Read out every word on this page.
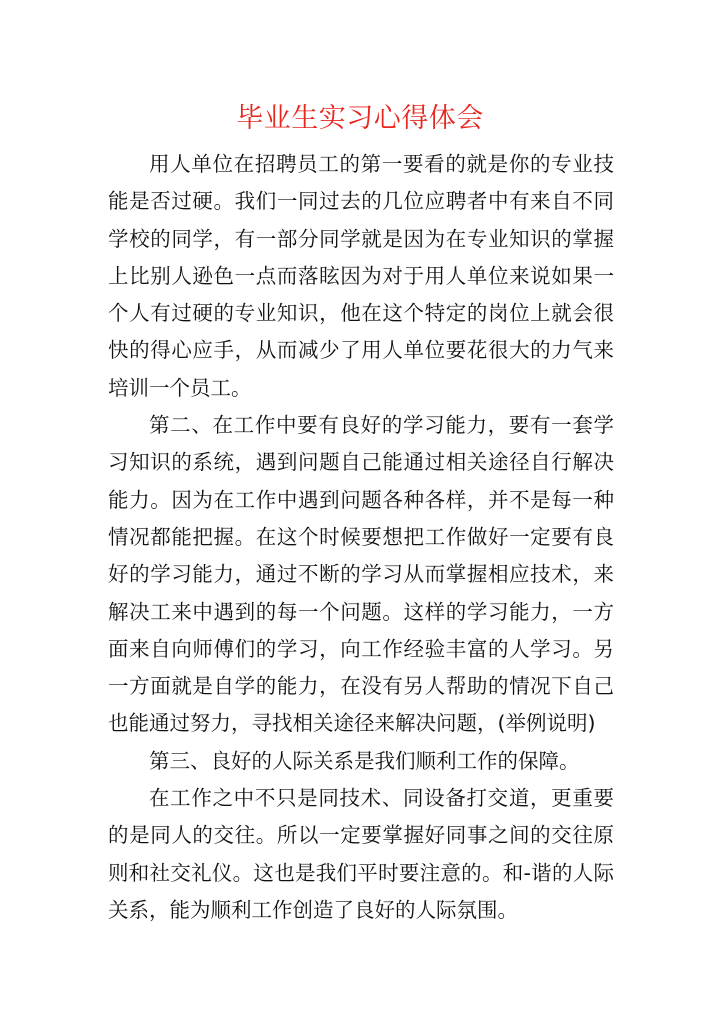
毕业生实习心得体会

用人单位在招聘员工的第一要看的就是你的专业技能是否过硬。我们一同过去的几位应聘者中有来自不同学校的同学，有一部分同学就是因为在专业知识的掌握上比别人逊色一点而落眩因为对于用人单位来说如果一个人有过硬的专业知识，他在这个特定的岗位上就会很快的得心应手，从而减少了用人单位要花很大的力气来培训一个员工。

第二、在工作中要有良好的学习能力，要有一套学习知识的系统，遇到问题自己能通过相关途径自行解决能力。因为在工作中遇到问题各种各样，并不是每一种情况都能把握。在这个时候要想把工作做好一定要有良好的学习能力，通过不断的学习从而掌握相应技术，来解决工来中遇到的每一个问题。这样的学习能力，一方面来自向师傅们的学习，向工作经验丰富的人学习。另一方面就是自学的能力，在没有另人帮助的情况下自己也能通过努力，寻找相关途径来解决问题，(举例说明)

第三、良好的人际关系是我们顺利工作的保障。

在工作之中不只是同技术、同设备打交道，更重要的是同人的交往。所以一定要掌握好同事之间的交往原则和社交礼仪。这也是我们平时要注意的。和-谐的人际关系，能为顺利工作创造了良好的人际氛围。
